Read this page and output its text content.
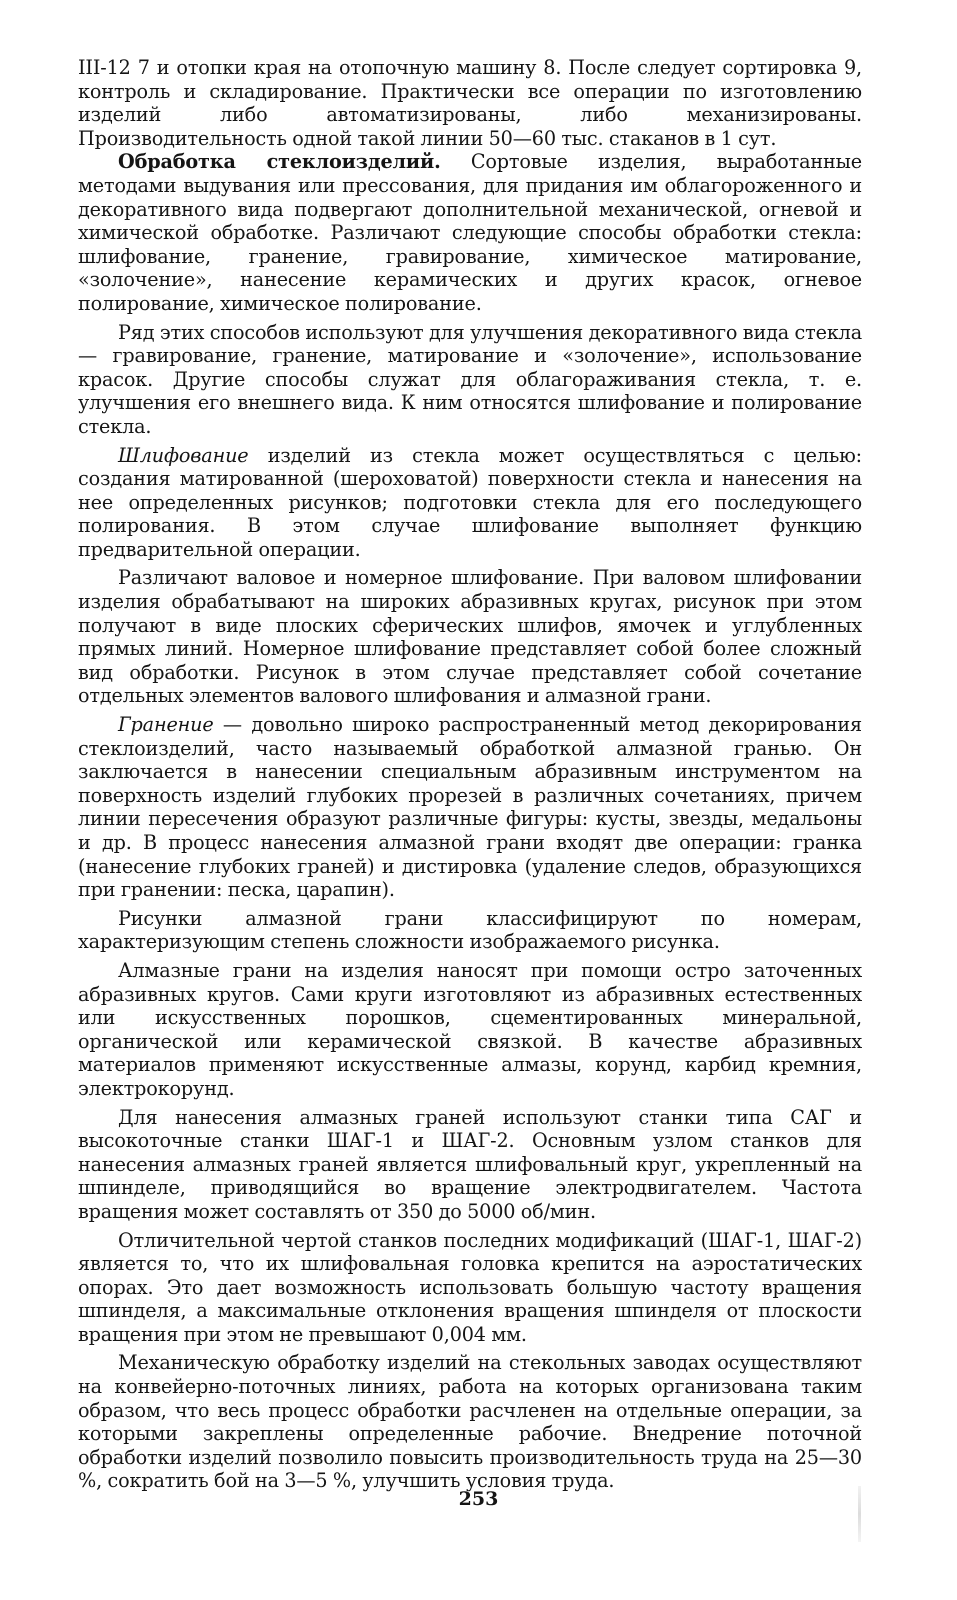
III-12 7 и отопки края на отопочную машину 8. После следует сортировка 9, контроль и складирование. Практически все операции по изготовлению изделий либо автоматизированы, либо механизированы. Производительность одной такой линии 50—60 тыс. стаканов в 1 сут.

Обработка стеклоизделий. Сортовые изделия, выработанные методами выдувания или прессования, для придания им облагороженного и декоративного вида подвергают дополнительной механической, огневой и химической обработке. Различают следующие способы обработки стекла: шлифование, гранение, гравирование, химическое матирование, «золочение», нанесение керамических и других красок, огневое полирование, химическое полирование.

Ряд этих способов используют для улучшения декоративного вида стекла — гравирование, гранение, матирование и «золочение», использование красок. Другие способы служат для облагораживания стекла, т. е. улучшения его внешнего вида. К ним относятся шлифование и полирование стекла.

Шлифование изделий из стекла может осуществляться с целью: создания матированной (шероховатой) поверхности стекла и нанесения на нее определенных рисунков; подготовки стекла для его последующего полирования. В этом случае шлифование выполняет функцию предварительной операции.

Различают валовое и номерное шлифование. При валовом шлифовании изделия обрабатывают на широких абразивных кругах, рисунок при этом получают в виде плоских сферических шлифов, ямочек и углубленных прямых линий. Номерное шлифование представляет собой более сложный вид обработки. Рисунок в этом случае представляет собой сочетание отдельных элементов валового шлифования и алмазной грани.

Гранение — довольно широко распространенный метод декорирования стеклоизделий, часто называемый обработкой алмазной гранью. Он заключается в нанесении специальным абразивным инструментом на поверхность изделий глубоких прорезей в различных сочетаниях, причем линии пересечения образуют различные фигуры: кусты, звезды, медальоны и др. В процесс нанесения алмазной грани входят две операции: гранка (нанесение глубоких граней) и дистировка (удаление следов, образующихся при гранении: песка, царапин).

Рисунки алмазной грани классифицируют по номерам, характеризующим степень сложности изображаемого рисунка.

Алмазные грани на изделия наносят при помощи остро заточенных абразивных кругов. Сами круги изготовляют из абразивных естественных или искусственных порошков, сцементированных минеральной, органической или керамической связкой. В качестве абразивных материалов применяют искусственные алмазы, корунд, карбид кремния, электрокорунд.

Для нанесения алмазных граней используют станки типа САГ и высокоточные станки ШАГ-1 и ШАГ-2. Основным узлом станков для нанесения алмазных граней является шлифовальный круг, укрепленный на шпинделе, приводящийся во вращение электродвигателем. Частота вращения может составлять от 350 до 5000 об/мин.

Отличительной чертой станков последних модификаций (ШАГ-1, ШАГ-2) является то, что их шлифовальная головка крепится на аэростатических опорах. Это дает возможность использовать большую частоту вращения шпинделя, а максимальные отклонения вращения шпинделя от плоскости вращения при этом не превышают 0,004 мм.

Механическую обработку изделий на стекольных заводах осуществляют на конвейерно-поточных линиях, работа на которых организована таким образом, что весь процесс обработки расчленен на отдельные операции, за которыми закреплены определенные рабочие. Внедрение поточной обработки изделий позволило повысить производительность труда на 25—30 %, сократить бой на 3—5 %, улучшить условия труда.

253
